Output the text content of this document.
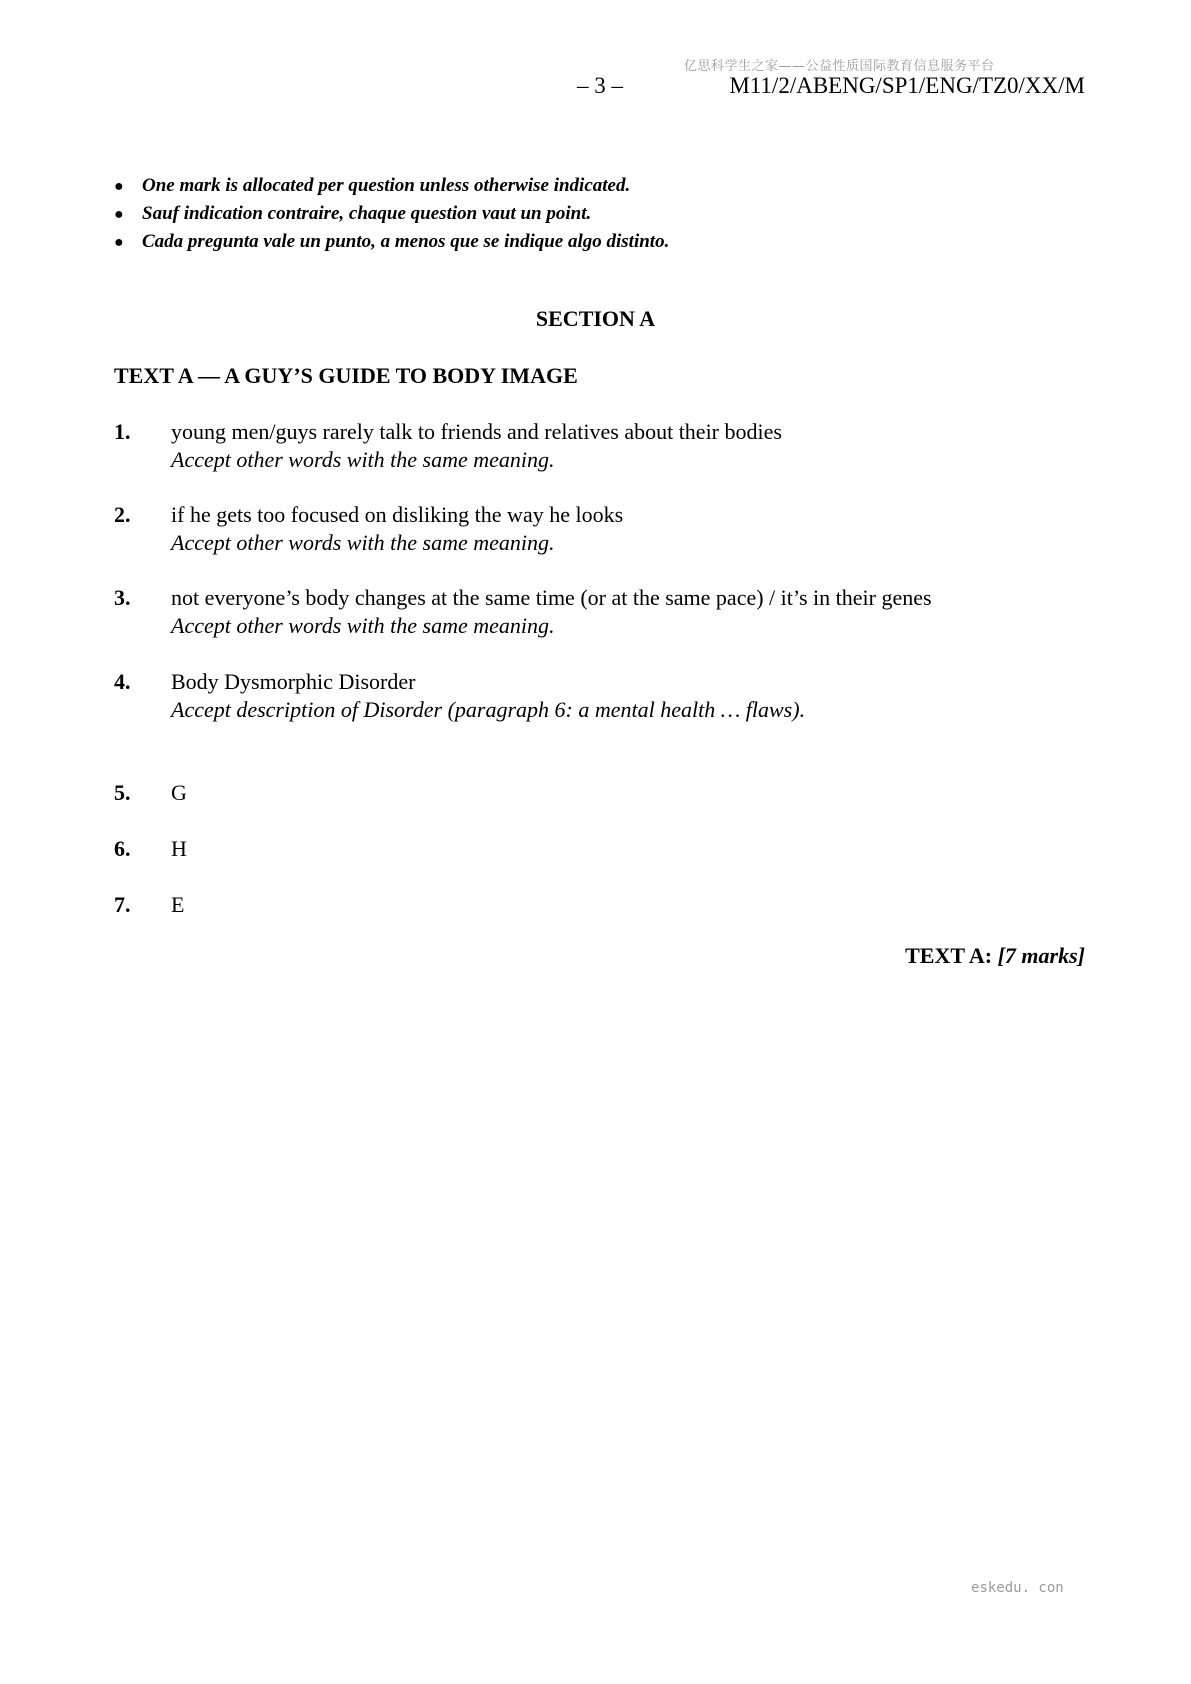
亿思科学生之家——公益性质国际教育信息服务平台
– 3 –	M11/2/ABENG/SP1/ENG/TZ0/XX/M
● One mark is allocated per question unless otherwise indicated.
● Sauf indication contraire, chaque question vaut un point.
● Cada pregunta vale un punto, a menos que se indique algo distinto.
SECTION A
TEXT A — A GUY’S GUIDE TO BODY IMAGE
1. young men/guys rarely talk to friends and relatives about their bodies
Accept other words with the same meaning.
2. if he gets too focused on disliking the way he looks
Accept other words with the same meaning.
3. not everyone’s body changes at the same time (or at the same pace) / it’s in their genes
Accept other words with the same meaning.
4. Body Dysmorphic Disorder
Accept description of Disorder (paragraph 6: a mental health … flaws).
5. G
6. H
7. E
TEXT A: [7 marks]
eskedu. con
